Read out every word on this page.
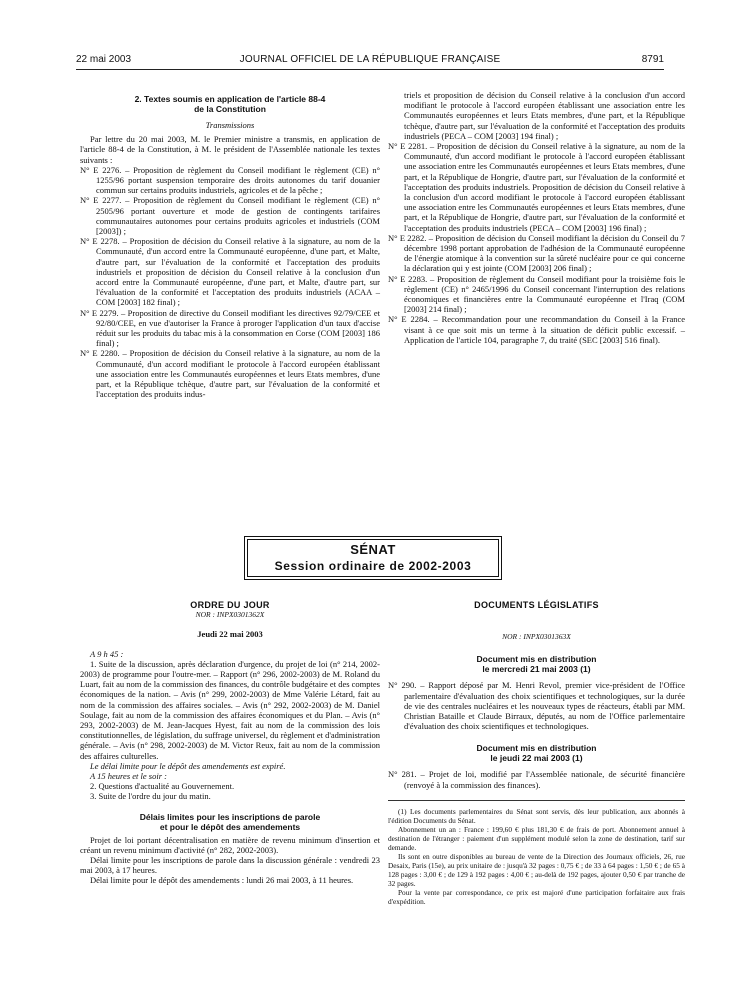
22 mai 2003	JOURNAL OFFICIEL DE LA RÉPUBLIQUE FRANÇAISE	8791

2. Textes soumis en application de l'article 88-4
de la Constitution

Transmissions

Par lettre du 20 mai 2003, M. le Premier ministre a transmis, en application de l'article 88-4 de la Constitution, à M. le président de l'Assemblée nationale les textes suivants :

N° E 2276. – Proposition de règlement du Conseil modifiant le règlement (CE) n° 1255/96 portant suspension temporaire des droits autonomes du tarif douanier commun sur certains produits industriels, agricoles et de la pêche ;

N° E 2277. – Proposition de règlement du Conseil modifiant le règlement (CE) n° 2505/96 portant ouverture et mode de gestion de contingents tarifaires communautaires autonomes pour certains produits agricoles et industriels (COM [2003]) ;

N° E 2278. – Proposition de décision du Conseil relative à la signature, au nom de la Communauté, d'un accord entre la Communauté européenne, d'une part, et Malte, d'autre part, sur l'évaluation de la conformité et l'acceptation des produits industriels et proposition de décision du Conseil relative à la conclusion d'un accord entre la Communauté européenne, d'une part, et Malte, d'autre part, sur l'évaluation de la conformité et l'acceptation des produits industriels (ACAA – COM [2003] 182 final) ;

N° E 2279. – Proposition de directive du Conseil modifiant les directives 92/79/CEE et 92/80/CEE, en vue d'autoriser la France à proroger l'application d'un taux d'accise réduit sur les produits du tabac mis à la consommation en Corse (COM [2003] 186 final) ;

N° E 2280. – Proposition de décision du Conseil relative à la signature, au nom de la Communauté, d'un accord modifiant le protocole à l'accord européen établissant une association entre les Communautés européennes et leurs Etats membres, d'une part, et la République tchèque, d'autre part, sur l'évaluation de la conformité et l'acceptation des produits indus-

triels et proposition de décision du Conseil relative à la conclusion d'un accord modifiant le protocole à l'accord européen établissant une association entre les Communautés européennes et leurs Etats membres, d'une part, et la République tchèque, d'autre part, sur l'évaluation de la conformité et l'acceptation des produits industriels (PECA – COM [2003] 194 final) ;

N° E 2281. – Proposition de décision du Conseil relative à la signature, au nom de la Communauté, d'un accord modifiant le protocole à l'accord européen établissant une association entre les Communautés européennes et leurs Etats membres, d'une part, et la République de Hongrie, d'autre part, sur l'évaluation de la conformité et l'acceptation des produits industriels. Proposition de décision du Conseil relative à la conclusion d'un accord modifiant le protocole à l'accord européen établissant une association entre les Communautés européennes et leurs Etats membres, d'une part, et la République de Hongrie, d'autre part, sur l'évaluation de la conformité et l'acceptation des produits industriels (PECA – COM [2003] 196 final) ;

N° E 2282. – Proposition de décision du Conseil modifiant la décision du Conseil du 7 décembre 1998 portant approbation de l'adhésion de la Communauté européenne de l'énergie atomique à la convention sur la sûreté nucléaire pour ce qui concerne la déclaration qui y est jointe (COM [2003] 206 final) ;

N° E 2283. – Proposition de règlement du Conseil modifiant pour la troisième fois le règlement (CE) n° 2465/1996 du Conseil concernant l'interruption des relations économiques et financières entre la Communauté européenne et l'Iraq (COM [2003] 214 final) ;

N° E 2284. – Recommandation pour une recommandation du Conseil à la France visant à ce que soit mis un terme à la situation de déficit public excessif. – Application de l'article 104, paragraphe 7, du traité (SEC [2003] 516 final).

SÉNAT
Session ordinaire de 2002-2003

ORDRE DU JOUR

NOR : INPX0301362X

Jeudi 22 mai 2003

A 9 h 45 :

1. Suite de la discussion, après déclaration d'urgence, du projet de loi (n° 214, 2002-2003) de programme pour l'outre-mer. – Rapport (n° 296, 2002-2003) de M. Roland du Luart, fait au nom de la commission des finances, du contrôle budgétaire et des comptes économiques de la nation. – Avis (n° 299, 2002-2003) de Mme Valérie Létard, fait au nom de la commission des affaires sociales. – Avis (n° 292, 2002-2003) de M. Daniel Soulage, fait au nom de la commission des affaires économiques et du Plan. – Avis (n° 293, 2002-2003) de M. Jean-Jacques Hyest, fait au nom de la commission des lois constitutionnelles, de législation, du suffrage universel, du règlement et d'administration générale. – Avis (n° 298, 2002-2003) de M. Victor Reux, fait au nom de la commission des affaires culturelles.

Le délai limite pour le dépôt des amendements est expiré.

A 15 heures et le soir :

2. Questions d'actualité au Gouvernement.

3. Suite de l'ordre du jour du matin.

Délais limites pour les inscriptions de parole
et pour le dépôt des amendements

Projet de loi portant décentralisation en matière de revenu minimum d'insertion et créant un revenu minimum d'activité (n° 282, 2002-2003).

Délai limite pour les inscriptions de parole dans la discussion générale : vendredi 23 mai 2003, à 17 heures.

Délai limite pour le dépôt des amendements : lundi 26 mai 2003, à 11 heures.

DOCUMENTS LÉGISLATIFS

NOR : INPX0301363X

Document mis en distribution
le mercredi 21 mai 2003 (1)

N° 290. – Rapport déposé par M. Henri Revol, premier vice-président de l'Office parlementaire d'évaluation des choix scientifiques et technologiques, sur la durée de vie des centrales nucléaires et les nouveaux types de réacteurs, établi par MM. Christian Bataille et Claude Birraux, députés, au nom de l'Office parlementaire d'évaluation des choix scientifiques et technologiques.

Document mis en distribution
le jeudi 22 mai 2003 (1)

N° 281. – Projet de loi, modifié par l'Assemblée nationale, de sécurité financière (renvoyé à la commission des finances).

(1) Les documents parlementaires du Sénat sont servis, dès leur publication, aux abonnés à l'édition Documents du Sénat.

Abonnement un an : France : 199,60 € plus 181,30 € de frais de port. Abonnement annuel à destination de l'étranger : paiement d'un supplément modulé selon la zone de destination, tarif sur demande.

Ils sont en outre disponibles au bureau de vente de la Direction des Journaux officiels, 26, rue Desaix, Paris (15e), au prix unitaire de : jusqu'à 32 pages : 0,75 € ; de 33 à 64 pages : 1,50 € ; de 65 à 128 pages : 3,00 € ; de 129 à 192 pages : 4,00 € ; au-delà de 192 pages, ajouter 0,50 € par tranche de 32 pages.

Pour la vente par correspondance, ce prix est majoré d'une participation forfaitaire aux frais d'expédition.
